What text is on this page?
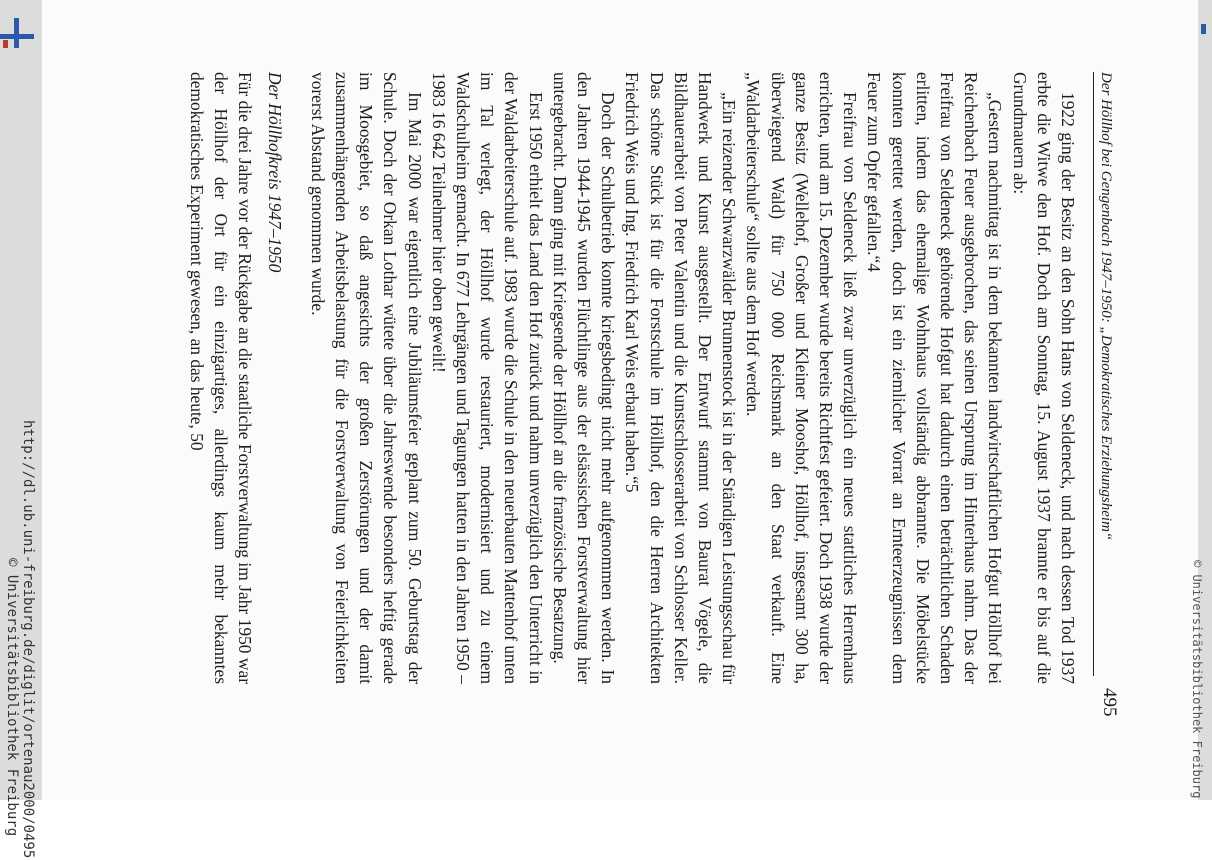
Der Höllhof bei Gengenbach 1947–1950: „Demokratisches Erziehungsheim“
495

1922 ging der Besitz an den Sohn Hans von Seldeneck, und nach dessen Tod 1937 erbte die Witwe den Hof. Doch am Sonntag, 15. August 1937 brannte er bis auf die Grundmauern ab:

„Gestern nachmittag ist in dem bekannten landwirtschaftlichen Hofgut Höllhof bei Reichenbach Feuer ausgebrochen, das seinen Ursprung im Hinterhaus nahm. Das der Freifrau von Seldeneck gehörende Hofgut hat dadurch einen beträchtlichen Schaden erlitten, indem das ehemalige Wohnhaus vollständig abbrannte. Die Möbelstücke konnten gerettet werden, doch ist ein ziemlicher Vorrat an Ernteerzeugnissen dem Feuer zum Opfer gefallen.“4

Freifrau von Seldeneck ließ zwar unverzüglich ein neues stattliches Herrenhaus errichten, und am 15. Dezember wurde bereits Richtfest gefeiert. Doch 1938 wurde der ganze Besitz (Wellehof, Großer und Kleiner Mooshof, Höllhof, insgesamt 300 ha, überwiegend Wald) für 750 000 Reichsmark an den Staat verkauft. Eine „Waldarbeiterschule“ sollte aus dem Hof werden.

„Ein reizender Schwarzwälder Brunnenstock ist in der Ständigen Leistungsschau für Handwerk und Kunst ausgestellt. Der Entwurf stammt von Baurat Vögele, die Bildhauerarbeit von Peter Valentin und die Kunstschlosserarbeit von Schlosser Keller. Das schöne Stück ist für die Forstschule im Höllhof, den die Herren Architekten Friedrich Weis und Ing. Friedrich Karl Weis erbaut haben.“5

Doch der Schulbetrieb konnte kriegsbedingt nicht mehr aufgenommen werden. In den Jahren 1944-1945 wurden Flüchtlinge aus der elsässischen Forstverwaltung hier untergebracht. Dann ging mit Kriegsende der Höllhof an die französische Besatzung.

Erst 1950 erhielt das Land den Hof zurück und nahm unverzüglich den Unterricht in der Waldarbeiterschule auf. 1983 wurde die Schule in den neuerbauten Mattenhof unten im Tal verlegt, der Höllhof wurde restauriert, modernisiert und zu einem Waldschulheim gemacht. In 677 Lehrgängen und Tagungen hatten in den Jahren 1950 – 1983 16 642 Teilnehmer hier oben geweilt!

Im Mai 2000 war eigentlich eine Jubiläumsfeier geplant zum 50. Geburtstag der Schule. Doch der Orkan Lothar wütete über die Jahreswende besonders heftig gerade im Moosgebiet, so daß angesichts der großen Zerstörungen und der damit zusammenhängenden Arbeitsbelastung für die Forstverwaltung von Feierlichkeiten vorerst Abstand genommen wurde.

Der Höllhofkreis 1947–1950

Für die drei Jahre vor der Rückgabe an die staatliche Forstverwaltung im Jahr 1950 war der Höllhof der Ort für ein einzigartiges, allerdings kaum mehr bekanntes demokratisches Experiment gewesen, an das heute, 50

http://dl.ub.uni-freiburg.de/diglit/ortenau2000/0495
© Universitätsbibliothek Freiburg	© Universitätsbibliothek Freiburg
